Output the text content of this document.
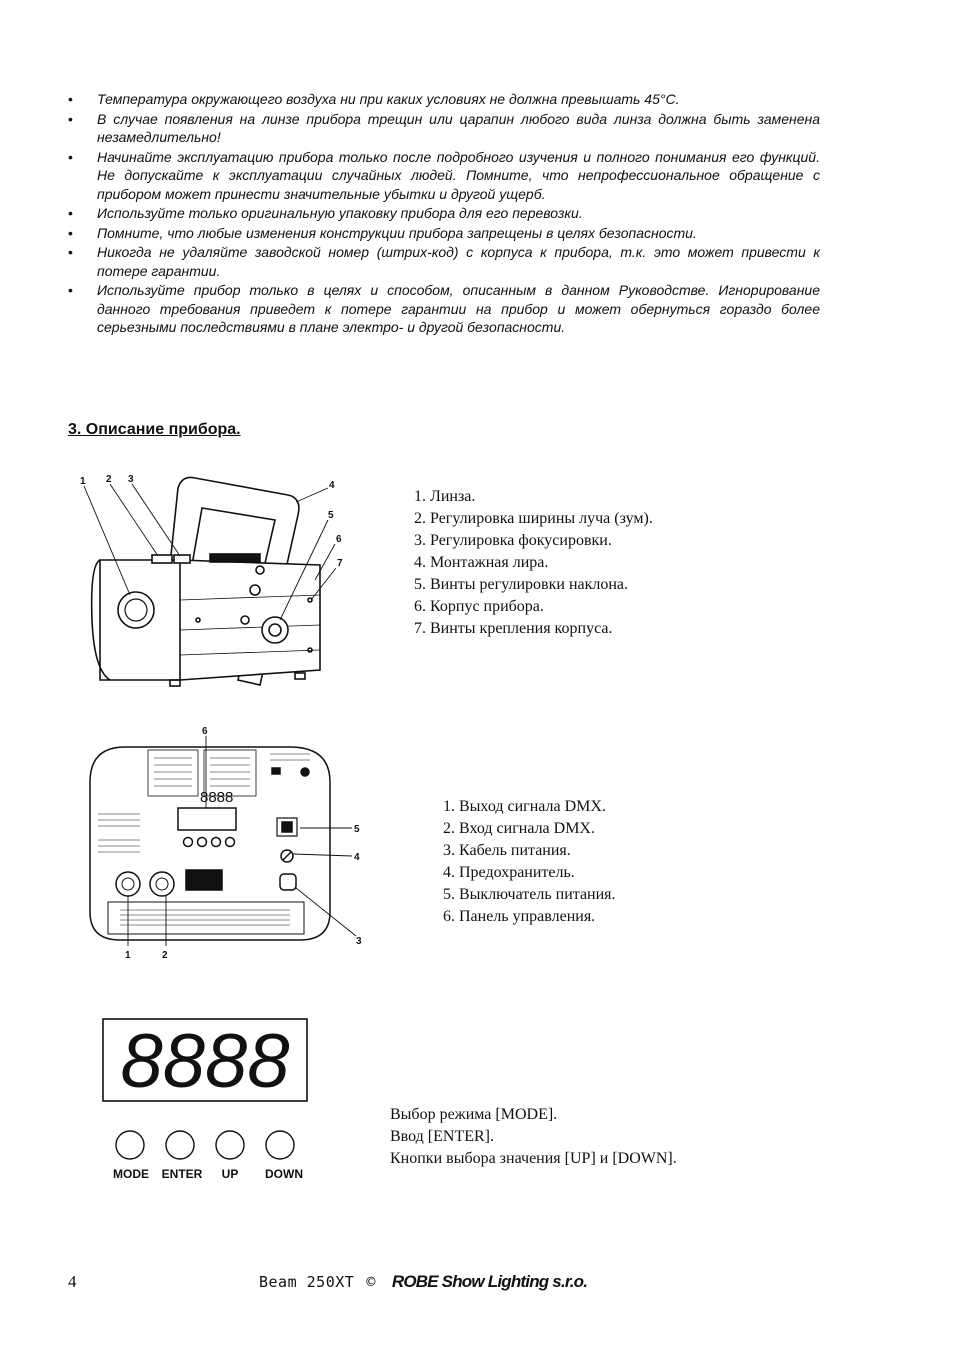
• Температура окружающего воздуха ни при каких условиях не должна превышать 45°C.
• В случае появления на линзе прибора трещин или царапин любого вида линза должна быть заменена незамедлительно!
• Начинайте эксплуатацию прибора только после подробного изучения и полного понимания его функций. Не допускайте к эксплуатации случайных людей. Помните, что непрофессиональное обращение с прибором может принести значительные убытки и другой ущерб.
• Используйте только оригинальную упаковку прибора для его перевозки.
• Помните, что любые изменения конструкции прибора запрещены в целях безопасности.
• Никогда не удаляйте заводской номер (штрих-код) с корпуса к прибора, т.к. это может привести к потере гарантии.
• Используйте прибор только в целях и способом, описанным в данном Руководстве. Игнорирование данного требования приведет к потере гарантии на прибор и может обернуться гораздо более серьезными последствиями в плане электро- и другой безопасности.
3. Описание прибора.
1 2 3
4
5
6
7
1. Линза.
2. Регулировка ширины луча (зум).
3. Регулировка фокусировки.
4. Монтажная лира.
5. Винты регулировки наклона.
6. Корпус прибора.
7. Винты крепления корпуса.
8888
6
5
4
3
1	2
1. Выход сигнала DMX.
2. Вход сигнала DMX.
3. Кабель питания.
4. Предохранитель.
5. Выключатель питания.
6. Панель управления.
8888
MODE ENTER UP DOWN
Выбор режима [MODE].
Ввод [ENTER].
Кнопки выбора значения [UP] и [DOWN].
4	Beam 250XT © ROBE Show Lighting s.r.o.
